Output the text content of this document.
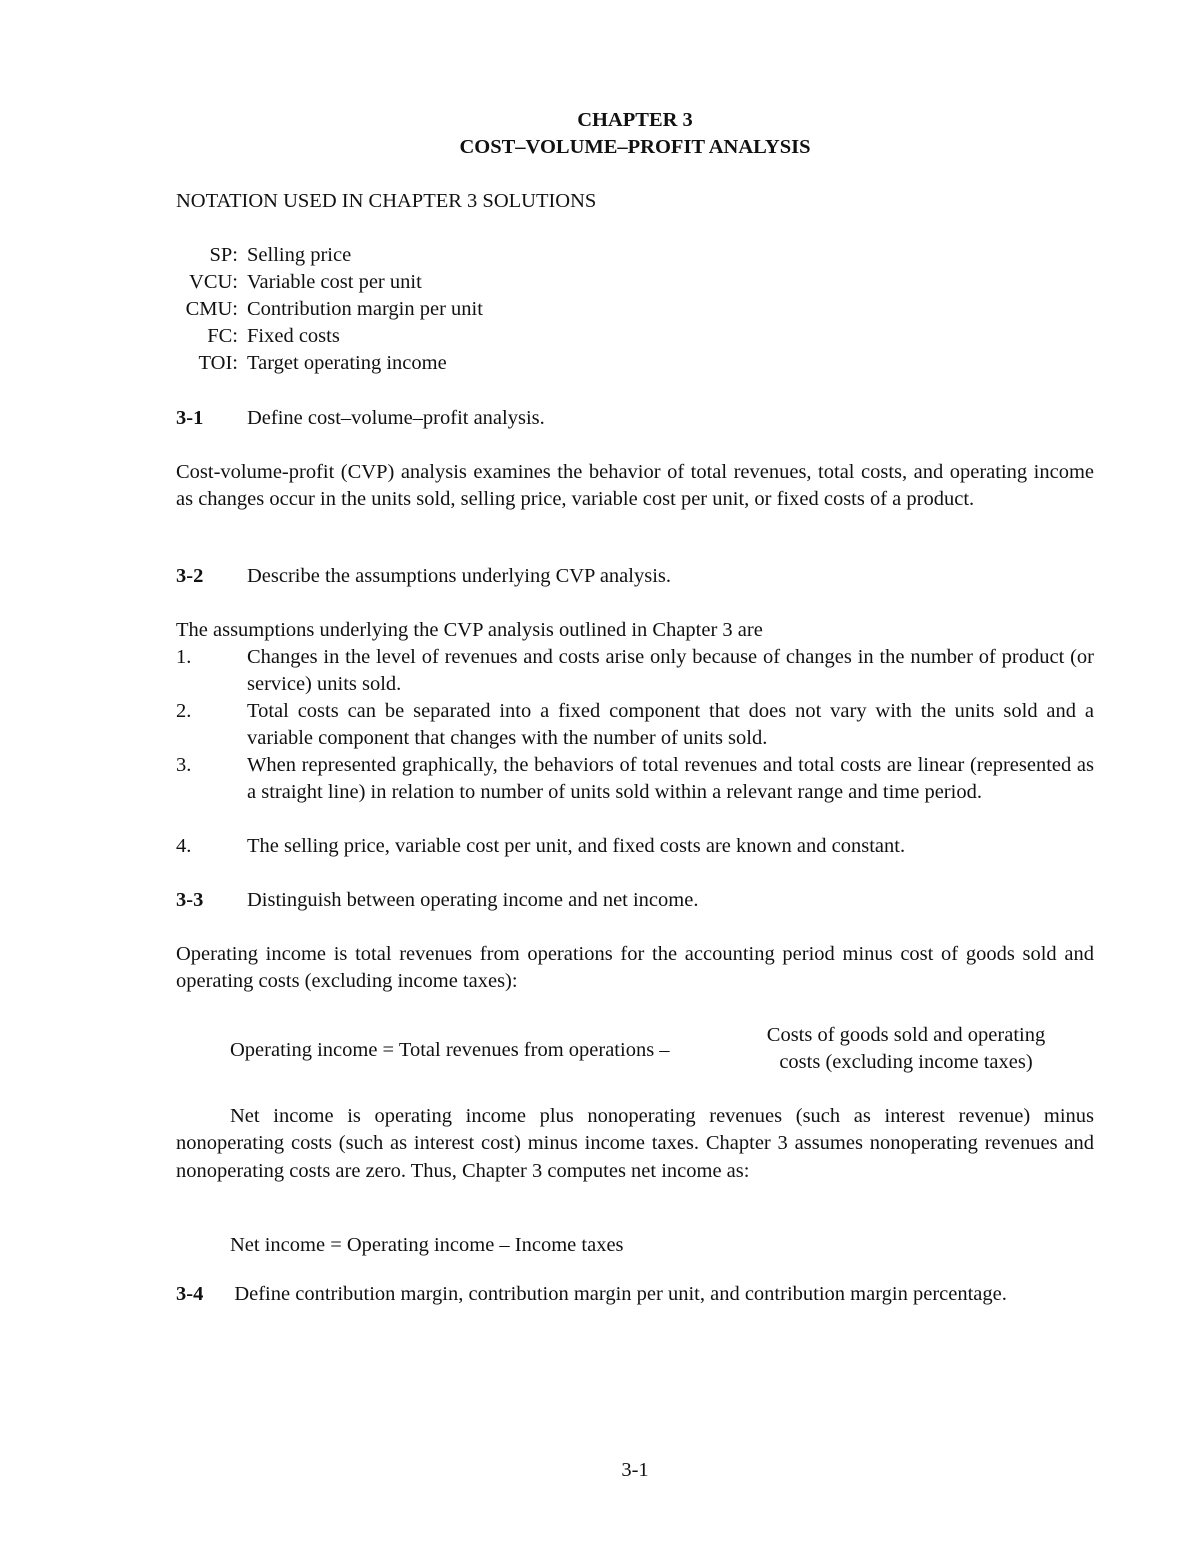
CHAPTER 3
COST–VOLUME–PROFIT ANALYSIS
NOTATION USED IN CHAPTER 3 SOLUTIONS
SP: Selling price
VCU: Variable cost per unit
CMU: Contribution margin per unit
FC: Fixed costs
TOI: Target operating income
3-1 Define cost–volume–profit analysis.
Cost-volume-profit (CVP) analysis examines the behavior of total revenues, total costs, and operating income as changes occur in the units sold, selling price, variable cost per unit, or fixed costs of a product.
3-2 Describe the assumptions underlying CVP analysis.
The assumptions underlying the CVP analysis outlined in Chapter 3 are
1.	Changes in the level of revenues and costs arise only because of changes in the number of product (or service) units sold.
2.	Total costs can be separated into a fixed component that does not vary with the units sold and a variable component that changes with the number of units sold.
3.	When represented graphically, the behaviors of total revenues and total costs are linear (represented as a straight line) in relation to number of units sold within a relevant range and time period.
4.	The selling price, variable cost per unit, and fixed costs are known and constant.
3-3 Distinguish between operating income and net income.
Operating income is total revenues from operations for the accounting period minus cost of goods sold and operating costs (excluding income taxes):
Operating income = Total revenues from operations –
Costs of goods sold and operating
costs (excluding income taxes)
Net income is operating income plus nonoperating revenues (such as interest revenue) minus nonoperating costs (such as interest cost) minus income taxes. Chapter 3 assumes nonoperating revenues and nonoperating costs are zero. Thus, Chapter 3 computes net income as:
Net income = Operating income – Income taxes
3-4 Define contribution margin, contribution margin per unit, and contribution margin percentage.
3-1
